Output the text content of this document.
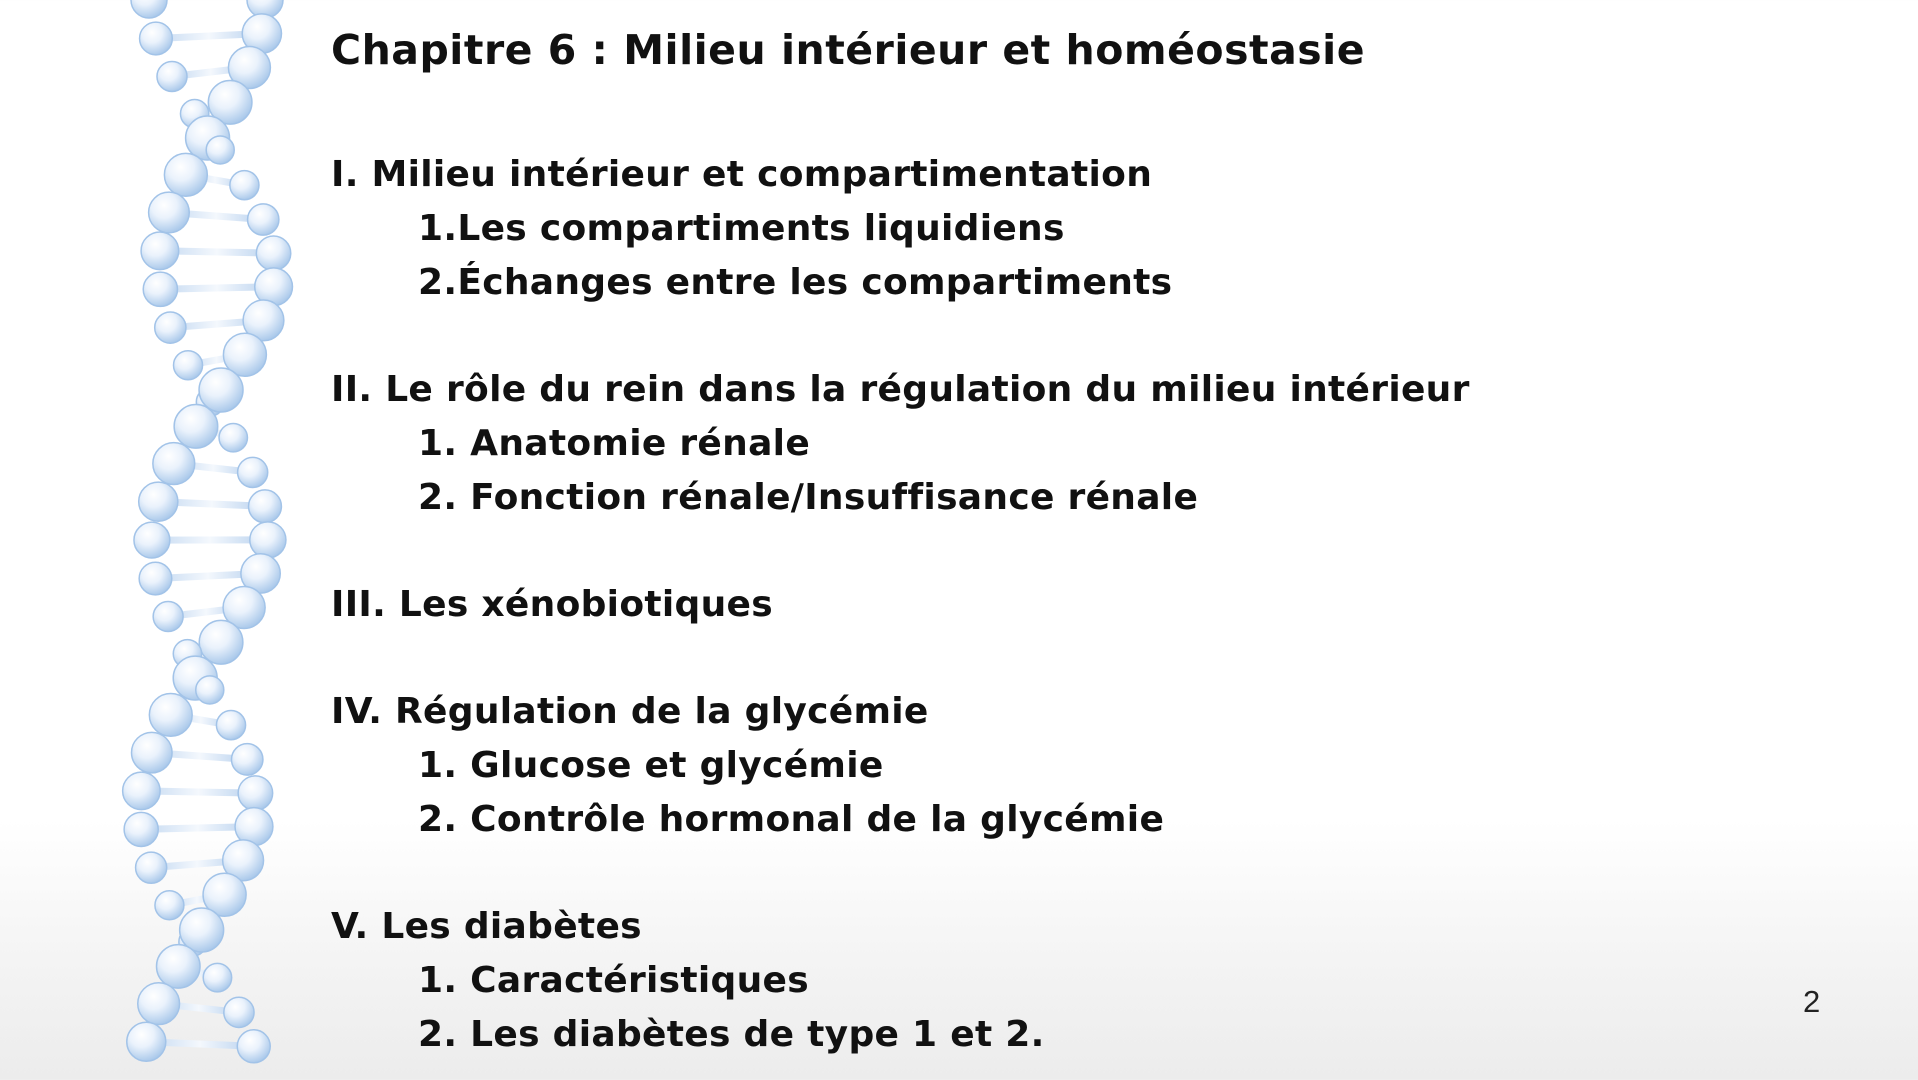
Chapitre 6 : Milieu intérieur et homéostasie
I. Milieu intérieur et compartimentation
1.Les compartiments liquidiens
2.Échanges entre les compartiments
II. Le rôle du rein dans la régulation du milieu intérieur
1. Anatomie rénale
2. Fonction rénale/Insuffisance rénale
III. Les xénobiotiques
IV. Régulation de la glycémie
1. Glucose et glycémie
2. Contrôle hormonal de la glycémie
V. Les diabètes
1. Caractéristiques
2. Les diabètes de type 1 et 2.
2
